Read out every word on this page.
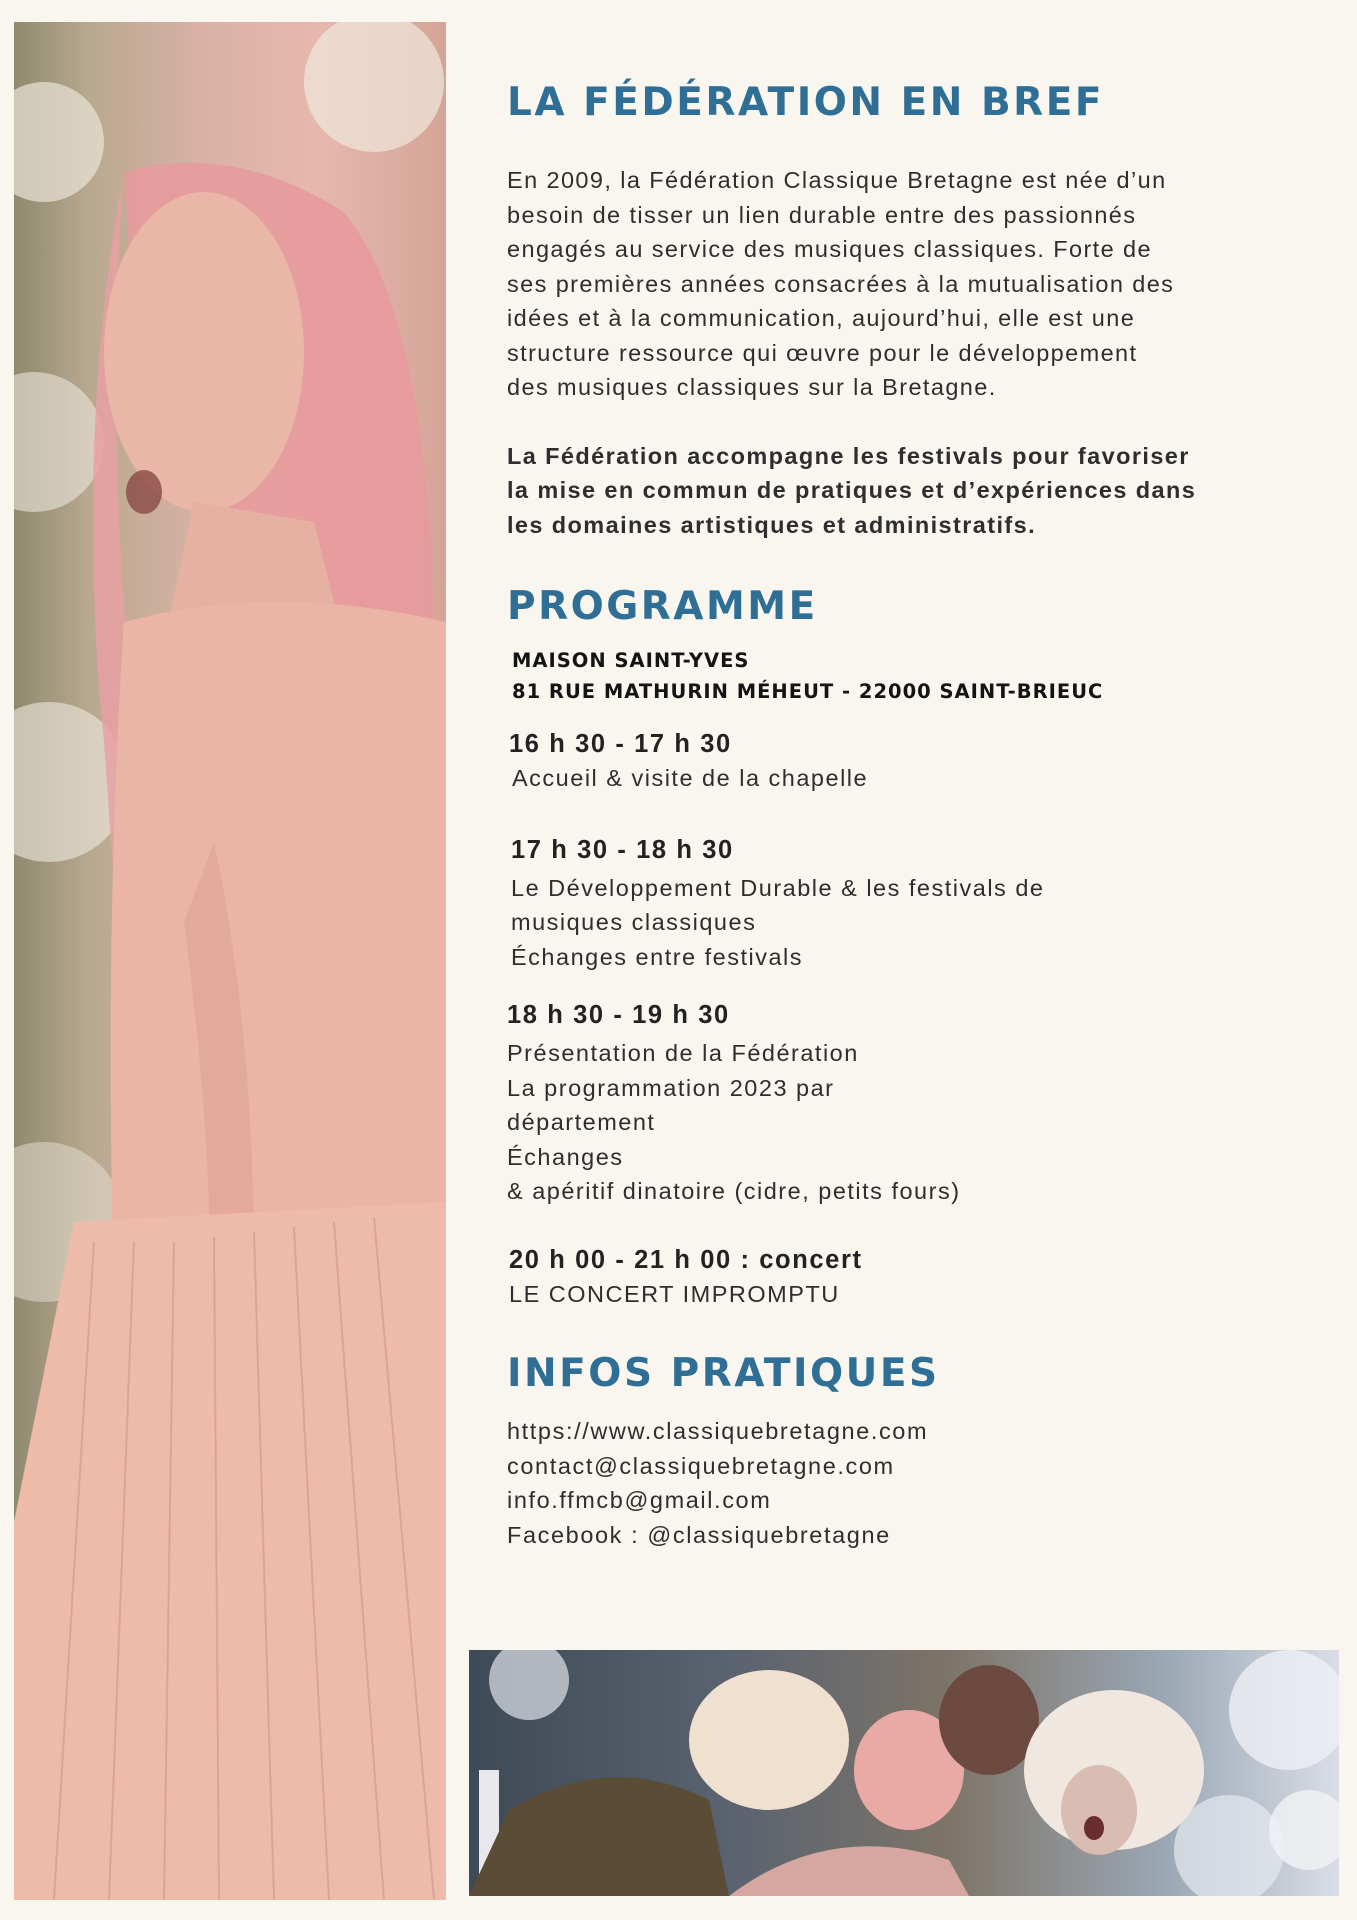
LA FÉDÉRATION EN BREF

En 2009, la Fédération Classique Bretagne est née d’un

besoin de tisser un lien durable entre des passionnés

engagés au service des musiques classiques. Forte de

ses premières années consacrées à la mutualisation des

idées et à la communication, aujourd’hui, elle est une

structure ressource qui œuvre pour le développement

des musiques classiques sur la Bretagne.

La Fédération accompagne les festivals pour favoriser

la mise en commun de pratiques et d’expériences dans

les domaines artistiques et administratifs.

PROGRAMME
MAISON SAINT-YVES
81 RUE MATHURIN MÉHEUT - 22000 SAINT-BRIEUC
16 h 30 - 17 h 30
Accueil & visite de la chapelle
17 h 30 - 18 h 30
Le Développement Durable & les festivals de
musiques classiques
Échanges entre festivals
18 h 30 - 19 h 30
Présentation de la Fédération
La programmation 2023 par
département
Échanges
& apéritif dinatoire (cidre, petits fours)
20 h 00 - 21 h 00 : concert
LE CONCERT IMPROMPTU
INFOS PRATIQUES
https://www.classiquebretagne.com
contact@classiquebretagne.com
info.ffmcb@gmail.com
Facebook : @classiquebretagne
